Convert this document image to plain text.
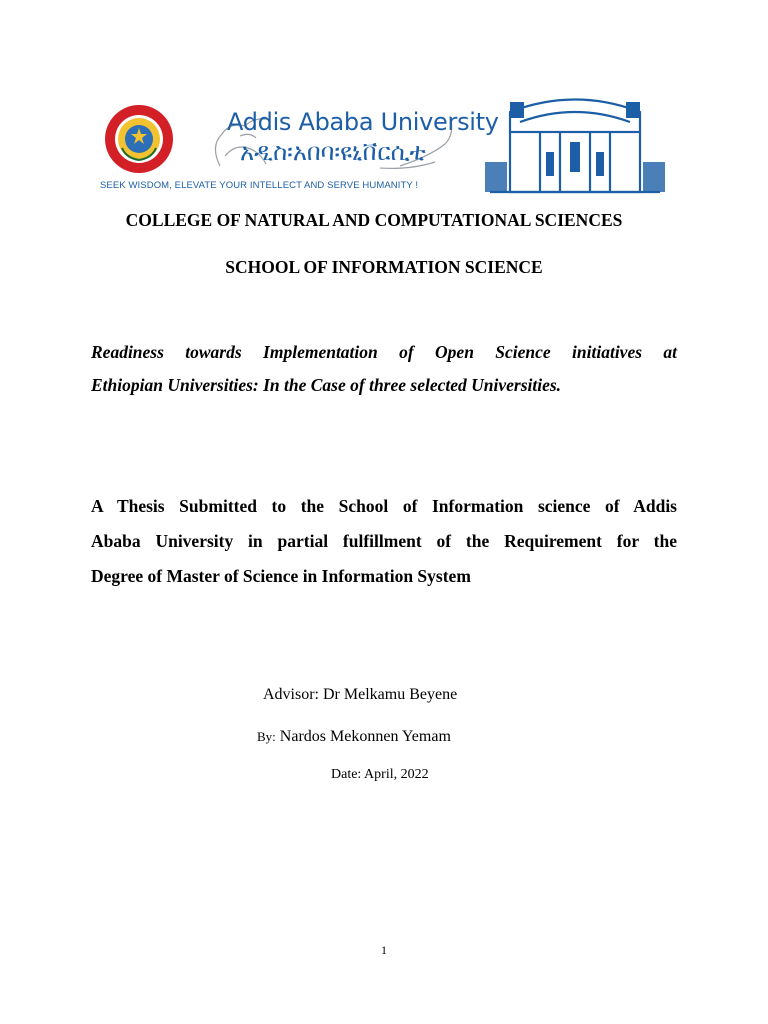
Addis Ababa University
አዲስ፡አበባ፡ዩኒቨርሲቲ
SEEK WISDOM, ELEVATE YOUR INTELLECT AND SERVE HUMANITY !
COLLEGE OF NATURAL AND COMPUTATIONAL SCIENCES
SCHOOL OF INFORMATION SCIENCE
Readiness towards Implementation of Open Science initiatives at
Ethiopian Universities: In the Case of three selected Universities.
A Thesis Submitted to the School of Information science of Addis
Ababa University in partial fulfillment of the Requirement for the
Degree of Master of Science in Information System
Advisor: Dr Melkamu Beyene
By: Nardos Mekonnen Yemam
Date: April, 2022
1
